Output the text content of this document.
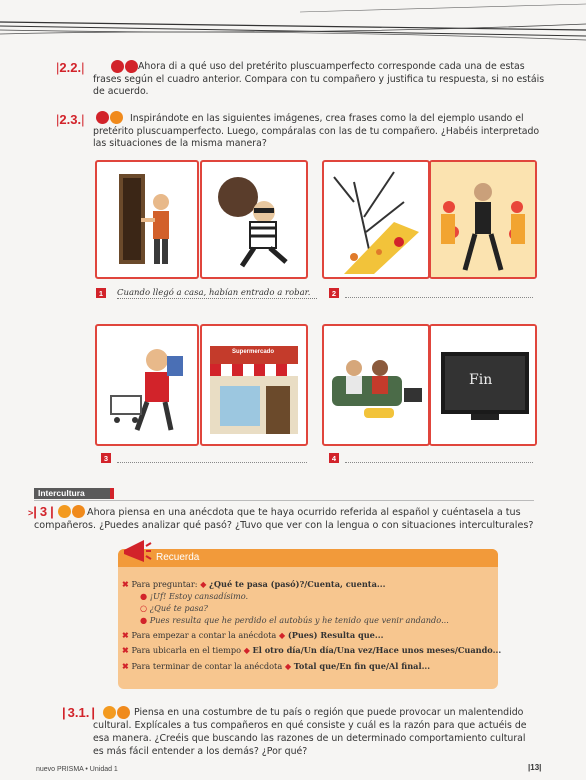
|2.2.|	Ahora di a qué uso del pretérito pluscuamperfecto corresponde cada una de estas
frases según el cuadro anterior. Compara con tu compañero y justifica tu respuesta, si no estáis
de acuerdo.
|2.3.|	Inspirándote en las siguientes imágenes, crea frases como la del ejemplo usando el
pretérito pluscuamperfecto. Luego, compáralas con las de tu compañero. ¿Habéis interpretado
las situaciones de la misma manera?
1 Cuando llegó a casa, habían entrado a robar.	2
Supermercado
Fin
3	4
Intercultura
>| 3 |	Ahora piensa en una anécdota que te haya ocurrido referida al español y cuéntasela a tus
compañeros. ¿Puedes analizar qué pasó? ¿Tuvo que ver con la lengua o con situaciones interculturales?
Recuerda
✖ Para preguntar: ◆ ¿Qué te pasa (pasó)?/Cuenta, cuenta...
● ¡Uf! Estoy cansadísimo.
○ ¿Qué te pasa?
● Pues resulta que he perdido el autobús y he tenido que venir andando...
✖ Para empezar a contar la anécdota ◆ (Pues) Resulta que...
✖ Para ubicarla en el tiempo ◆ El otro día/Un día/Una vez/Hace unos meses/Cuando...
✖ Para terminar de contar la anécdota ◆ Total que/En fin que/Al final...
| 3.1. |	Piensa en una costumbre de tu país o región que puede provocar un malentendido
cultural. Explícales a tus compañeros en qué consiste y cuál es la razón para que actuéis de
esa manera. ¿Creéis que buscando las razones de un determinado comportamiento cultural
es más fácil entender a los demás? ¿Por qué?
nuevo PRISMA • Unidad 1	|13|
